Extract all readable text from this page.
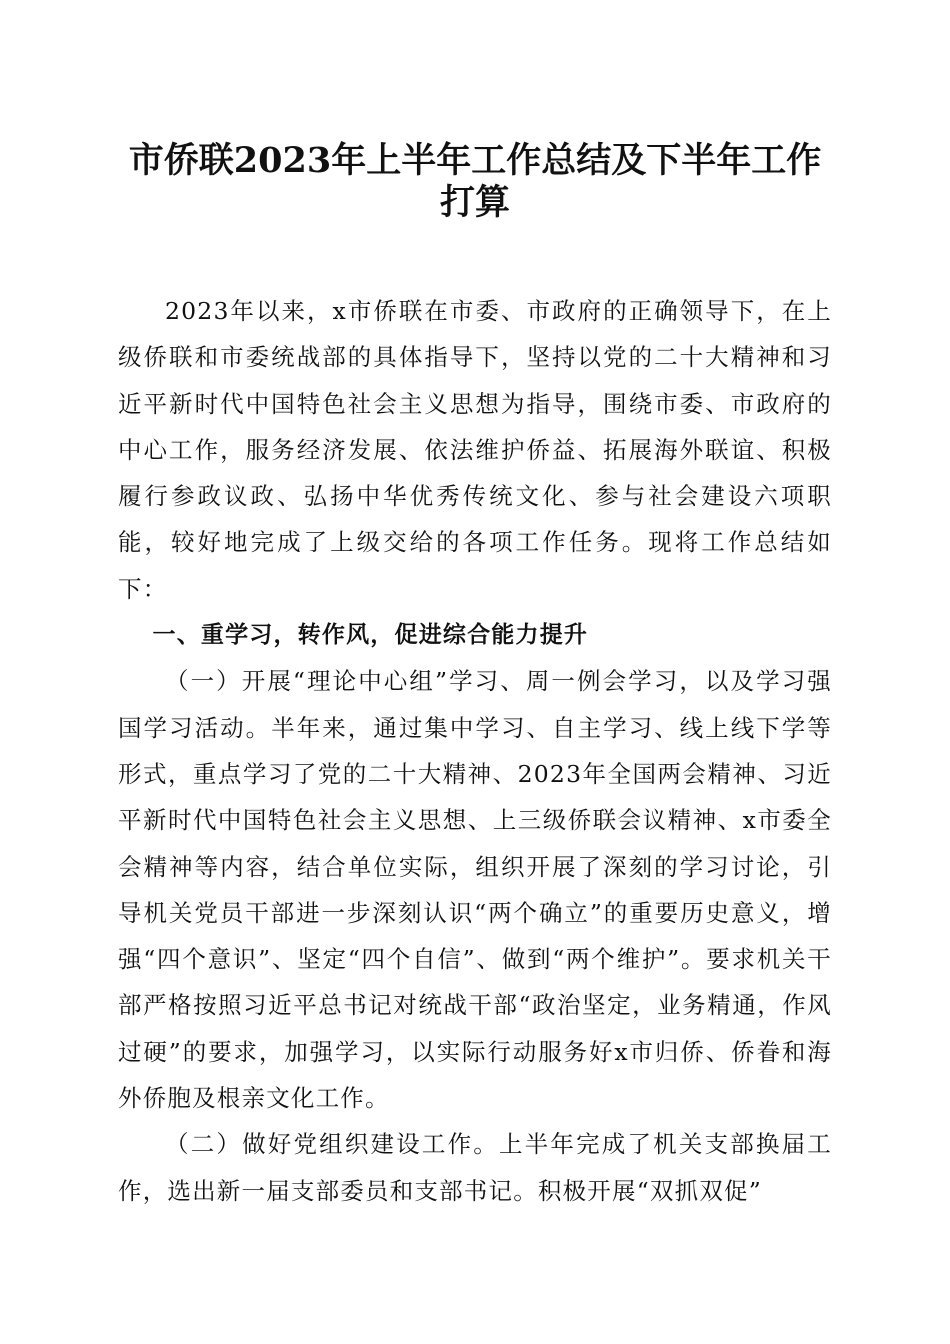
市侨联2023年上半年工作总结及下半年工作
打算

2023年以来，x市侨联在市委、市政府的正确领导下，在上级侨联和市委统战部的具体指导下，坚持以党的二十大精神和习近平新时代中国特色社会主义思想为指导，围绕市委、市政府的中心工作，服务经济发展、依法维护侨益、拓展海外联谊、积极履行参政议政、弘扬中华优秀传统文化、参与社会建设六项职能，较好地完成了上级交给的各项工作任务。现将工作总结如下：

一、重学习，转作风，促进综合能力提升

（一）开展“理论中心组”学习、周一例会学习，以及学习强国学习活动。半年来，通过集中学习、自主学习、线上线下学等形式，重点学习了党的二十大精神、2023年全国两会精神、习近平新时代中国特色社会主义思想、上三级侨联会议精神、x市委全会精神等内容，结合单位实际，组织开展了深刻的学习讨论，引导机关党员干部进一步深刻认识“两个确立”的重要历史意义，增强“四个意识”、坚定“四个自信”、做到“两个维护”。要求机关干部严格按照习近平总书记对统战干部“政治坚定，业务精通，作风过硬”的要求，加强学习，以实际行动服务好x市归侨、侨眷和海外侨胞及根亲文化工作。

（二）做好党组织建设工作。上半年完成了机关支部换届工作，选出新一届支部委员和支部书记。积极开展“双抓双促”
